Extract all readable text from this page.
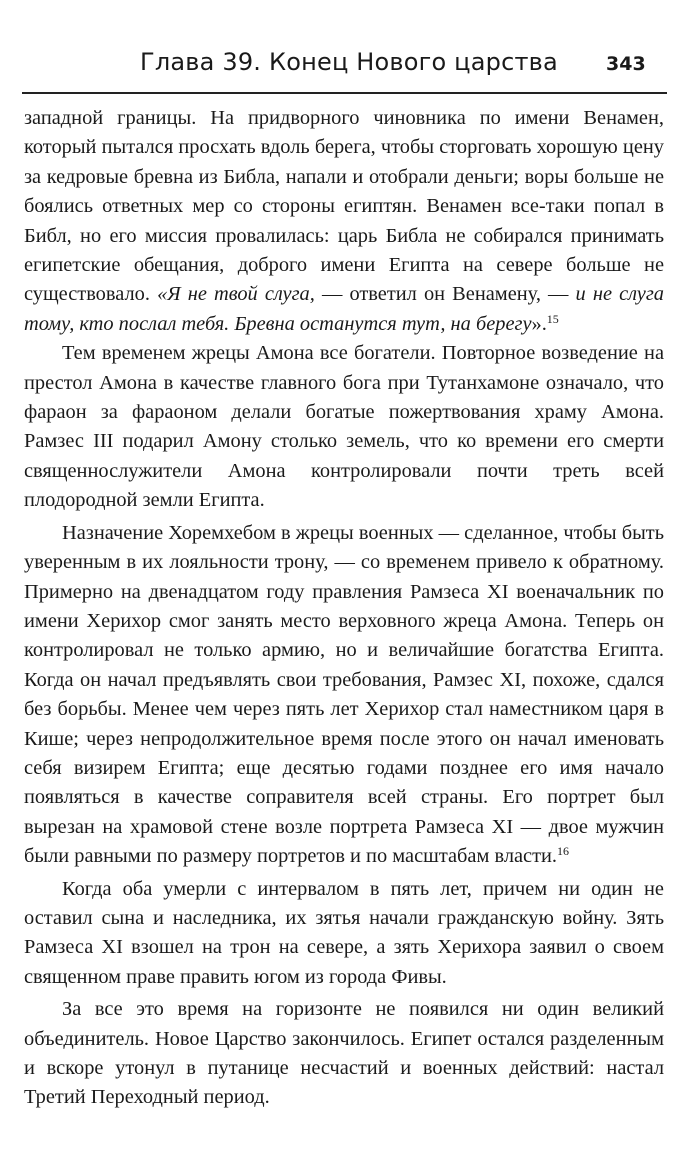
Глава 39. Конец Нового царства	343

западной границы. На придворного чиновника по имени Венамен, который пытался просхать вдоль берега, чтобы сторговать хорошую цену за кедровые бревна из Библа, напали и отобрали деньги; воры больше не боялись ответных мер со стороны египтян. Венамен все-таки попал в Библ, но его миссия провалилась: царь Библа не собирался принимать египетские обещания, доброго имени Египта на севере больше не существовало. «Я не твой слуга, — ответил он Венамену, — и не слуга тому, кто послал тебя. Бревна останутся тут, на берегу».$^{15}$

Тем временем жрецы Амона все богатели. Повторное возведение на престол Амона в качестве главного бога при Тутанхамоне означало, что фараон за фараоном делали богатые пожертвования храму Амона. Рамзес III подарил Амону столько земель, что ко времени его смерти священнослужители Амона контролировали почти треть всей плодородной земли Египта.

Назначение Хоремхебом в жрецы военных — сделанное, чтобы быть уверенным в их лояльности трону, — со временем привело к обратному. Примерно на двенадцатом году правления Рамзеса XI военачальник по имени Херихор смог занять место верховного жреца Амона. Теперь он контролировал не только армию, но и величайшие богатства Египта. Когда он начал предъявлять свои требования, Рамзес XI, похоже, сдался без борьбы. Менее чем через пять лет Херихор стал наместником царя в Кише; через непродолжительное время после этого он начал именовать себя визирем Египта; еще десятью годами позднее его имя начало появляться в качестве соправителя всей страны. Его портрет был вырезан на храмовой стене возле портрета Рамзеса XI — двое мужчин были равными по размеру портретов и по масштабам власти.$^{16}$

Когда оба умерли с интервалом в пять лет, причем ни один не оставил сына и наследника, их зятья начали гражданскую войну. Зять Рамзеса XI взошел на трон на севере, а зять Херихора заявил о своем священном праве править югом из города Фивы.

За все это время на горизонте не появился ни один великий объединитель. Новое Царство закончилось. Египет остался разделенным и вскоре утонул в путанице несчастий и военных действий: настал Третий Переходный период.
